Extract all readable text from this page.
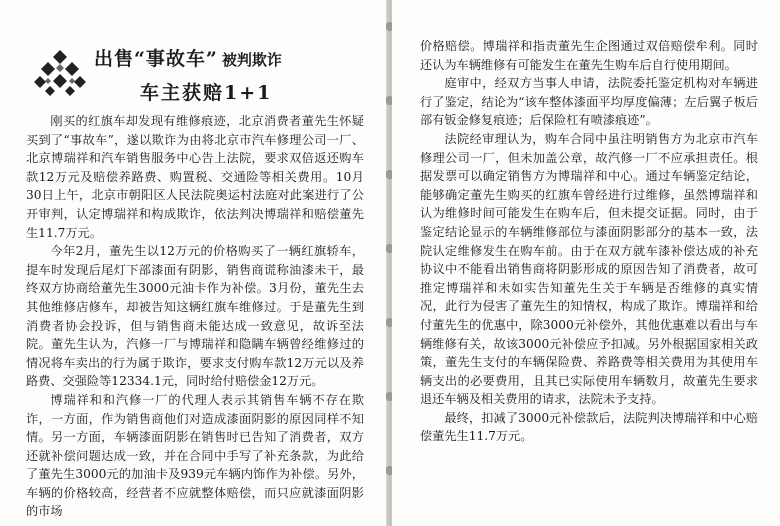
出售“事故车” 被判欺诈
车主获赔1+1

刚买的红旗车却发现有维修痕迹，北京消费者董先生怀疑买到了“事故车”，遂以欺诈为由将北京市汽车修理公司一厂、北京博瑞祥和汽车销售服务中心告上法院，要求双倍返还购车款12万元及赔偿养路费、购置税、交通险等相关费用。10月30日上午，北京市朝阳区人民法院奥运村法庭对此案进行了公开审判，认定博瑞祥和构成欺诈，依法判决博瑞祥和赔偿董先生11.7万元。

今年2月，董先生以12万元的价格购买了一辆红旗轿车，提车时发现后尾灯下部漆面有阴影，销售商谎称油漆未干，最终双方协商给董先生3000元油卡作为补偿。3月份，董先生去其他维修店修车，却被告知这辆红旗车维修过。于是董先生到消费者协会投诉，但与销售商未能达成一致意见，故诉至法院。董先生认为，汽修一厂与博瑞祥和隐瞒车辆曾经维修过的情况将车卖出的行为属于欺诈，要求支付购车款12万元以及养路费、交强险等12334.1元，同时给付赔偿金12万元。

博瑞祥和和汽修一厂的代理人表示其销售车辆不存在欺诈，一方面，作为销售商他们对造成漆面阴影的原因同样不知情。另一方面，车辆漆面阴影在销售时已告知了消费者，双方还就补偿问题达成一致，并在合同中手写了补充条款，为此给了董先生3000元的加油卡及939元车辆内饰作为补偿。另外，车辆的价格较高，经营者不应就整体赔偿，而只应就漆面阴影的市场

价格赔偿。博瑞祥和指责董先生企图通过双倍赔偿牟利。同时还认为车辆维修有可能发生在董先生购车后自行使用期间。

庭审中，经双方当事人申请，法院委托鉴定机构对车辆进行了鉴定，结论为“该车整体漆面平均厚度偏薄；左后翼子板后部有钣金修复痕迹；后保险杠有喷漆痕迹”。

法院经审理认为，购车合同中虽注明销售方为北京市汽车修理公司一厂，但未加盖公章，故汽修一厂不应承担责任。根据发票可以确定销售方为博瑞祥和中心。通过车辆鉴定结论，能够确定董先生购买的红旗车曾经进行过维修，虽然博瑞祥和认为维修时间可能发生在购车后，但未提交证据。同时，由于鉴定结论显示的车辆维修部位与漆面阴影部分的基本一致，法院认定维修发生在购车前。由于在双方就车漆补偿达成的补充协议中不能看出销售商将阴影形成的原因告知了消费者，故可推定博瑞祥和未如实告知董先生关于车辆是否维修的真实情况，此行为侵害了董先生的知情权，构成了欺诈。博瑞祥和给付董先生的优惠中，除3000元补偿外，其他优惠难以看出与车辆维修有关，故该3000元补偿应予扣减。另外根据国家相关政策，董先生支付的车辆保险费、养路费等相关费用为其使用车辆支出的必要费用，且其已实际使用车辆数月，故董先生要求退还车辆及相关费用的请求，法院未予支持。

最终，扣减了3000元补偿款后，法院判决博瑞祥和中心赔偿董先生11.7万元。
